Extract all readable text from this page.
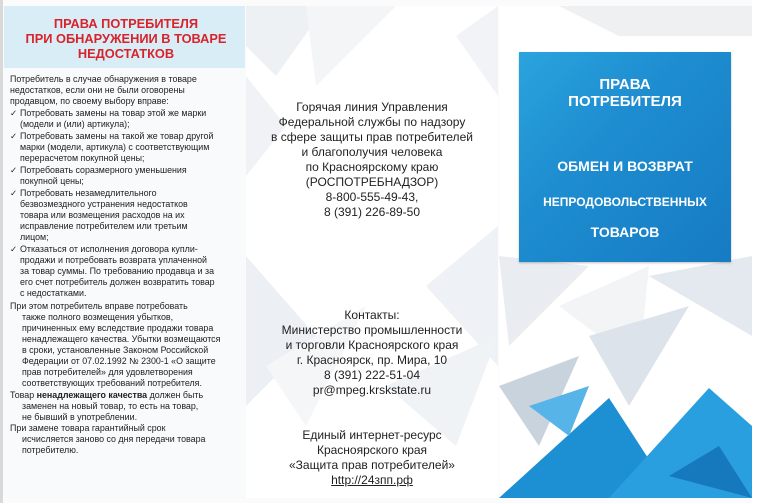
ПРАВА ПОТРЕБИТЕЛЯ
ПРИ ОБНАРУЖЕНИИ В ТОВАРЕ
НЕДОСТАТКОВ

Потребитель в случае обнаружения в товаре
недостатков, если они не были оговорены
продавцом, по своему выбору вправе:

✓ Потребовать замены на товар этой же марки
(модели и (или) артикула);
✓ Потребовать замены на такой же товар другой
марки (модели, артикула) с соответствующим
перерасчетом покупной цены;
✓ Потребовать соразмерного уменьшения
покупной цены;
✓ Потребовать незамедлительного
безвозмездного устранения недостатков
товара или возмещения расходов на их
исправление потребителем или третьим
лицом;
✓ Отказаться от исполнения договора купли-
продажи и потребовать возврата уплаченной
за товар суммы. По требованию продавца и за
его счет потребитель должен возвратить товар
с недостатками.

При этом потребитель вправе потребовать
также полного возмещения убытков,
причиненных ему вследствие продажи товара
ненадлежащего качества. Убытки возмещаются
в сроки, установленные Законом Российской
Федерации от 07.02.1992 № 2300-1 «О защите
прав потребителей» для удовлетворения
соответствующих требований потребителя.

Товар ненадлежащего качества должен быть
заменен на новый товар, то есть на товар,
не бывший в употреблении.
При замене товара гарантийный срок
исчисляется заново со дня передачи товара
потребителю.

Горячая линия Управления
Федеральной службы по надзору
в сфере защиты прав потребителей
и благополучия человека
по Красноярскому краю
(РОСПОТРЕБНАДЗОР)
8-800-555-49-43,
8 (391) 226-89-50
Контакты:
Министерство промышленности
и торговли Красноярского края
г. Красноярск, пр. Мира, 10
8 (391) 222-51-04
pr@mpeg.krskstate.ru
Единый интернет-ресурс
Красноярского края
«Защита прав потребителей»
http://24зпп.рф
ПРАВА
ПОТРЕБИТЕЛЯ
ОБМЕН И ВОЗВРАТ
НЕПРОДОВОЛЬСТВЕННЫХ
ТОВАРОВ
